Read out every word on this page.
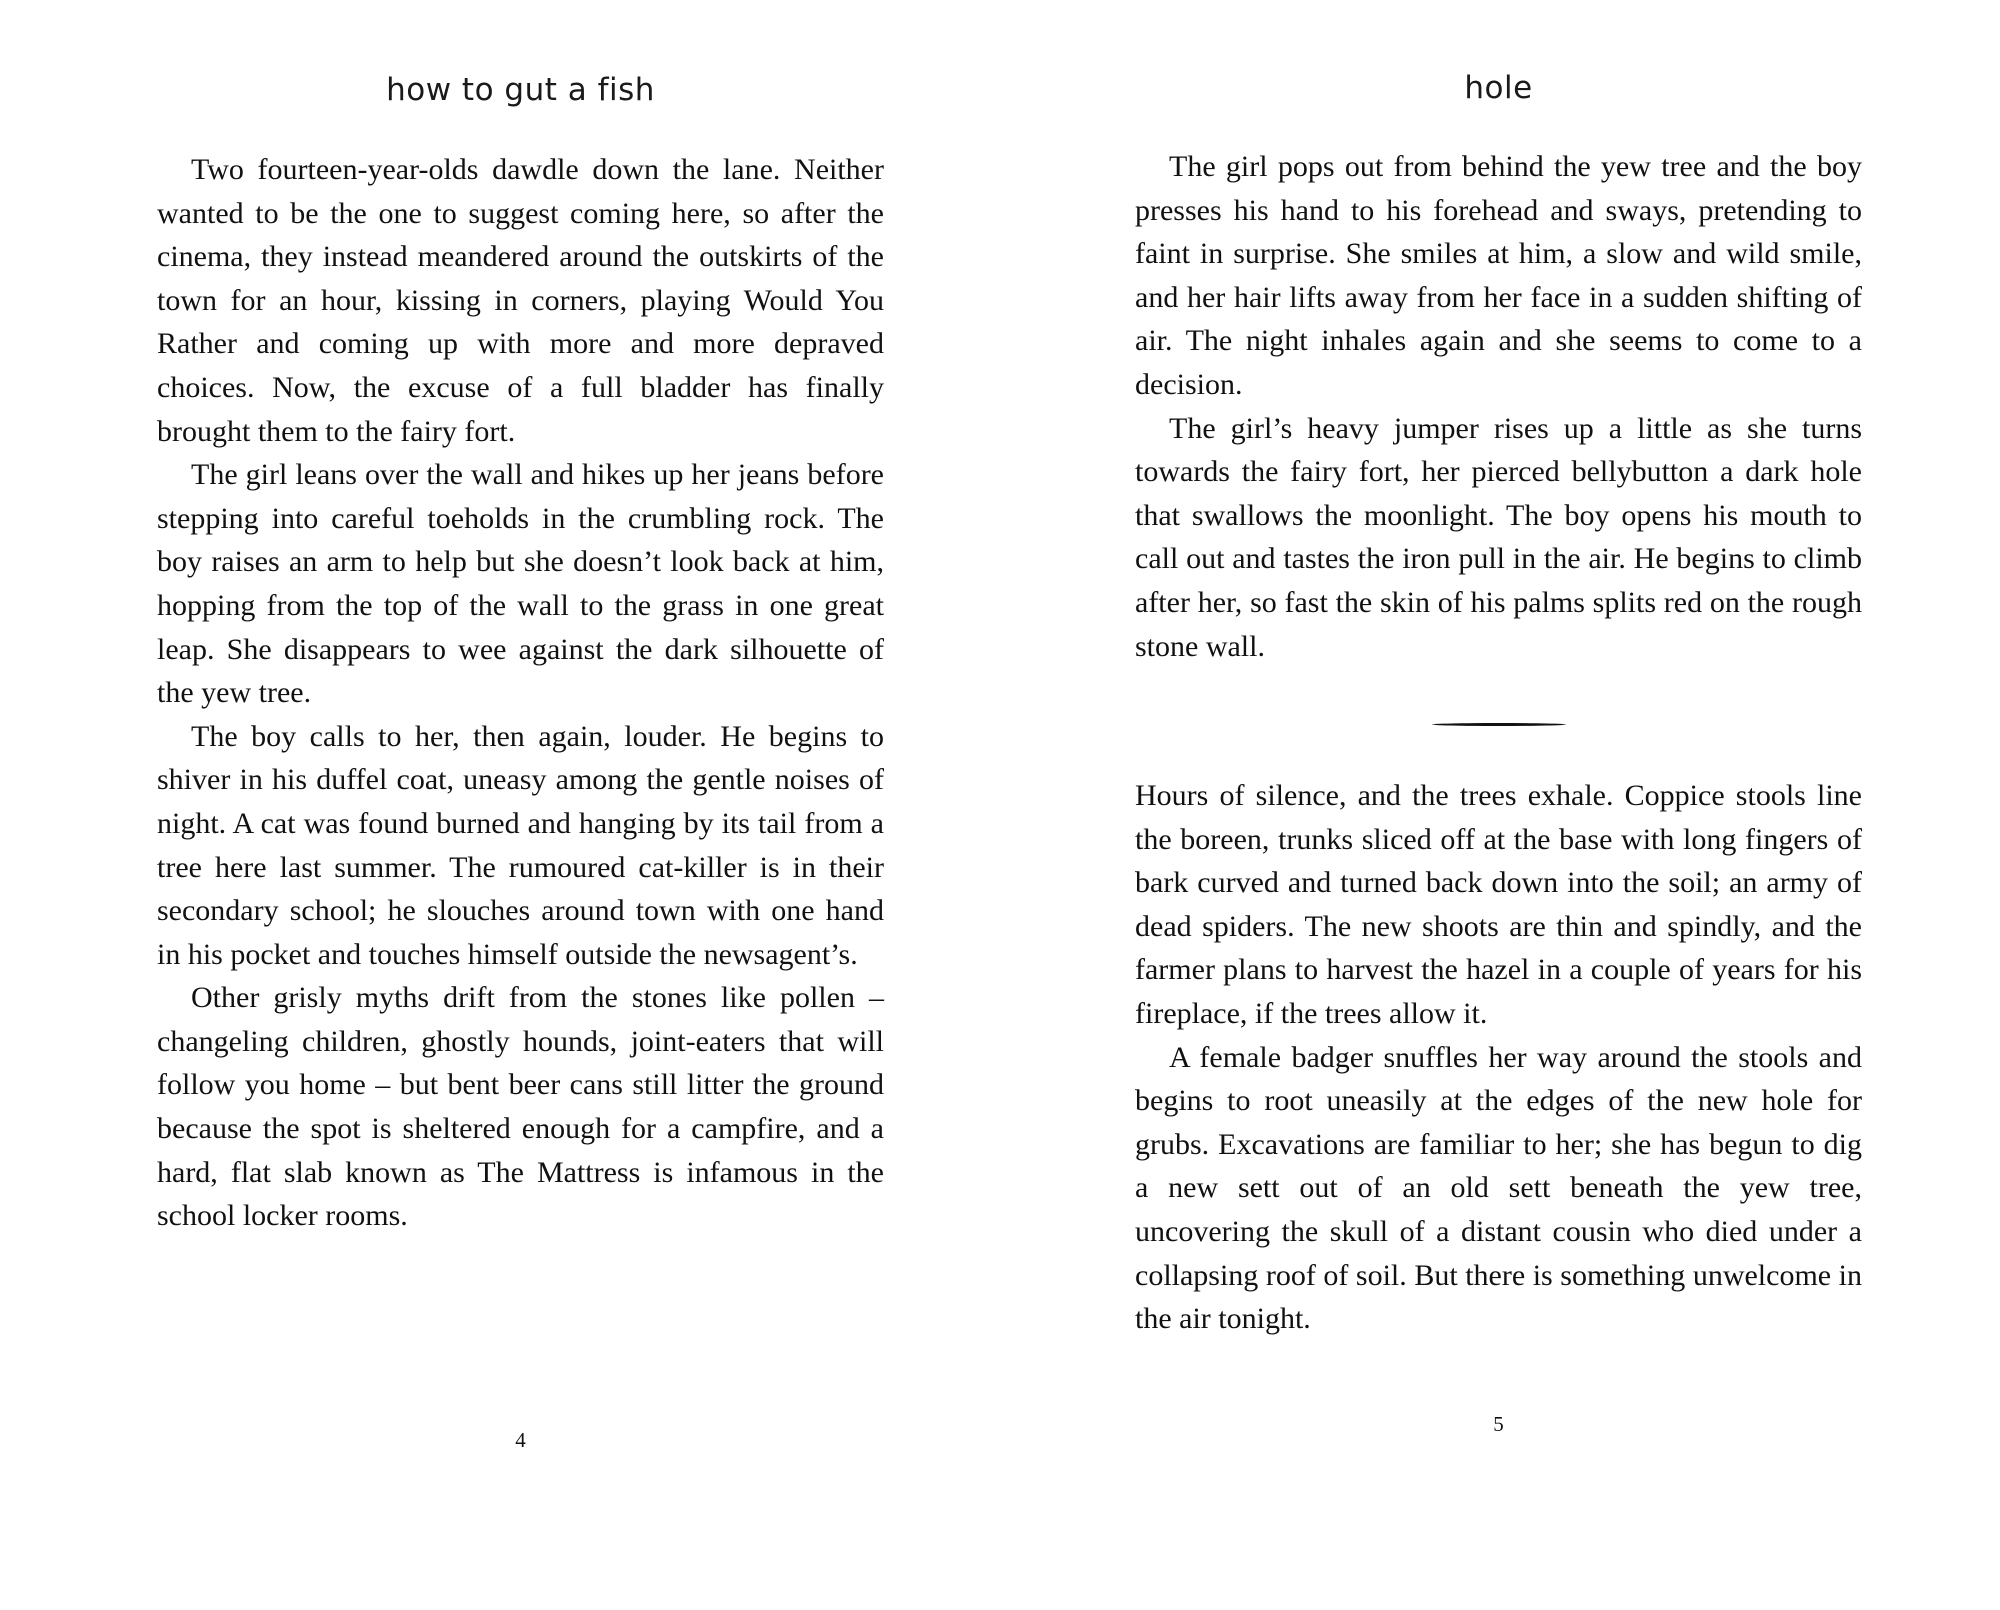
how to gut a fish

Two fourteen-year-olds dawdle down the lane. Neither wanted to be the one to suggest coming here, so after the cinema, they instead meandered around the outskirts of the town for an hour, kissing in corners, playing Would You Rather and coming up with more and more depraved choices. Now, the excuse of a full bladder has finally brought them to the fairy fort.

The girl leans over the wall and hikes up her jeans before stepping into careful toeholds in the crumbling rock. The boy raises an arm to help but she doesn’t look back at him, hopping from the top of the wall to the grass in one great leap. She disappears to wee against the dark silhouette of the yew tree.

The boy calls to her, then again, louder. He begins to shiver in his duffel coat, uneasy among the gentle noises of night. A cat was found burned and hanging by its tail from a tree here last summer. The rumoured cat-killer is in their secondary school; he slouches around town with one hand in his pocket and touches himself outside the newsagent’s.

Other grisly myths drift from the stones like pollen – changeling children, ghostly hounds, joint-eaters that will follow you home – but bent beer cans still litter the ground because the spot is sheltered enough for a campfire, and a hard, flat slab known as The Mattress is infamous in the school locker rooms.

4
hole

The girl pops out from behind the yew tree and the boy presses his hand to his forehead and sways, pretending to faint in surprise. She smiles at him, a slow and wild smile, and her hair lifts away from her face in a sudden shifting of air. The night inhales again and she seems to come to a decision.

The girl’s heavy jumper rises up a little as she turns towards the fairy fort, her pierced bellybutton a dark hole that swallows the moonlight. The boy opens his mouth to call out and tastes the iron pull in the air. He begins to climb after her, so fast the skin of his palms splits red on the rough stone wall.

Hours of silence, and the trees exhale. Coppice stools line the boreen, trunks sliced off at the base with long fingers of bark curved and turned back down into the soil; an army of dead spiders. The new shoots are thin and spindly, and the farmer plans to harvest the hazel in a couple of years for his fireplace, if the trees allow it.

A female badger snuffles her way around the stools and begins to root uneasily at the edges of the new hole for grubs. Excavations are familiar to her; she has begun to dig a new sett out of an old sett beneath the yew tree, uncovering the skull of a distant cousin who died under a collapsing roof of soil. But there is something unwelcome in the air tonight.

5
